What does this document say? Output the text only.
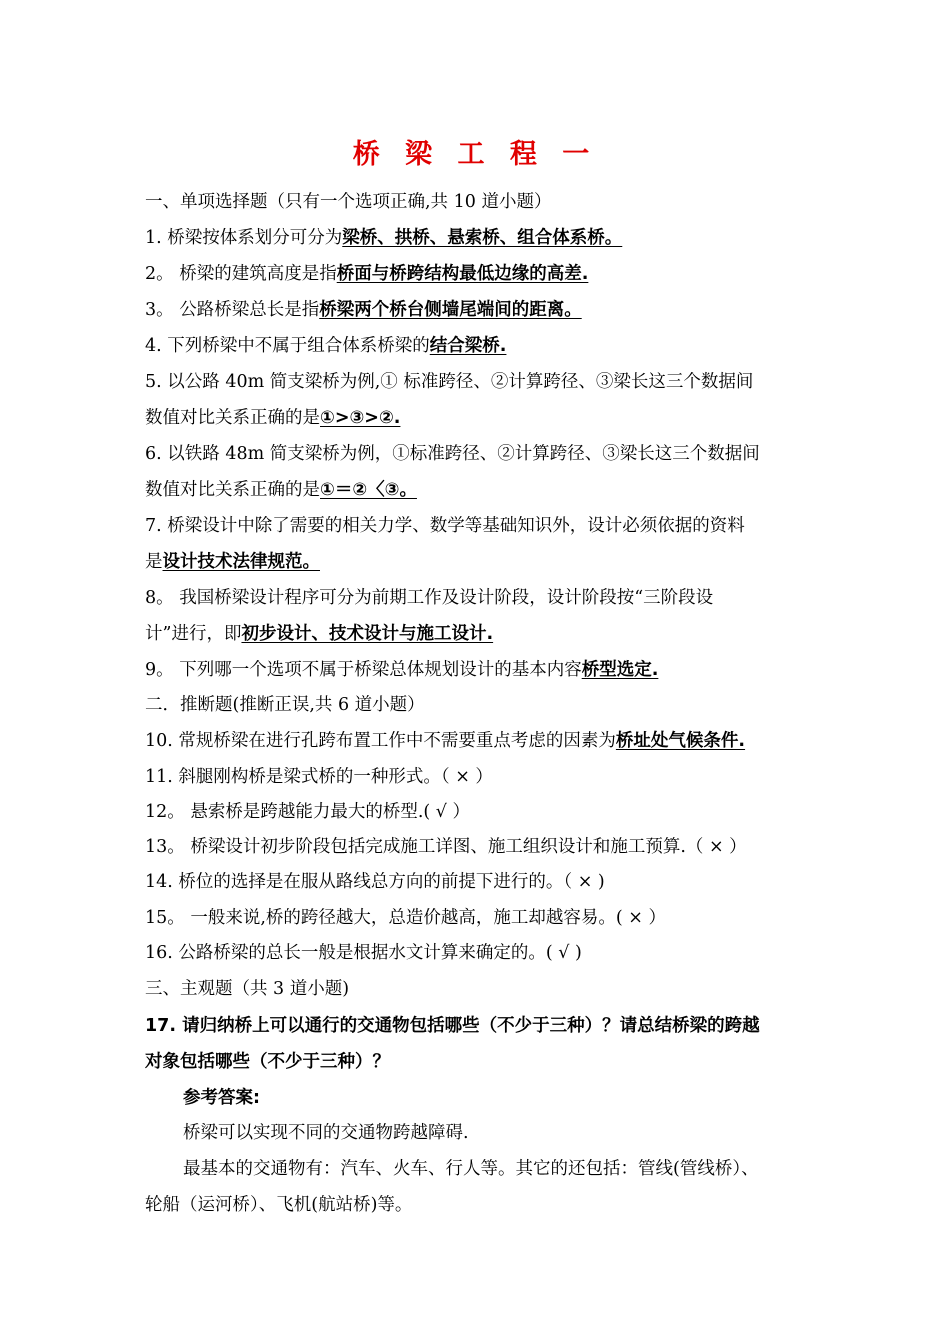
桥 梁 工 程 一
一、单项选择题（只有一个选项正确,共 10 道小题）
1. 桥梁按体系划分可分为梁桥、拱桥、悬索桥、组合体系桥。
2。 桥梁的建筑高度是指桥面与桥跨结构最低边缘的高差.
3。 公路桥梁总长是指桥梁两个桥台侧墙尾端间的距离。
4. 下列桥梁中不属于组合体系桥梁的结合梁桥.
5. 以公路 40m 简支梁桥为例,① 标准跨径、②计算跨径、③梁长这三个数据间
数值对比关系正确的是①>③>②.
6. 以铁路 48m 简支梁桥为例，①标准跨径、②计算跨径、③梁长这三个数据间
数值对比关系正确的是①＝②〈③。
7. 桥梁设计中除了需要的相关力学、数学等基础知识外，设计必须依据的资料
是设计技术法律规范。
8。 我国桥梁设计程序可分为前期工作及设计阶段，设计阶段按“三阶段设
计”进行，即初步设计、技术设计与施工设计.
9。 下列哪一个选项不属于桥梁总体规划设计的基本内容桥型选定.
二．推断题(推断正误,共 6 道小题）
10. 常规桥梁在进行孔跨布置工作中不需要重点考虑的因素为桥址处气候条件.
11. 斜腿刚构桥是梁式桥的一种形式。（ × ）
12。 悬索桥是跨越能力最大的桥型.( √ ）
13。 桥梁设计初步阶段包括完成施工详图、施工组织设计和施工预算.（ × ）
14. 桥位的选择是在服从路线总方向的前提下进行的。（ × )
15。 一般来说,桥的跨径越大，总造价越高，施工却越容易。( × ）
16. 公路桥梁的总长一般是根据水文计算来确定的。( √ )
三、主观题（共 3 道小题)
17. 请归纳桥上可以通行的交通物包括哪些（不少于三种）？请总结桥梁的跨越
对象包括哪些（不少于三种）？
参考答案:
桥梁可以实现不同的交通物跨越障碍.
最基本的交通物有：汽车、火车、行人等。其它的还包括：管线(管线桥）、
轮船（运河桥）、飞机(航站桥)等。
